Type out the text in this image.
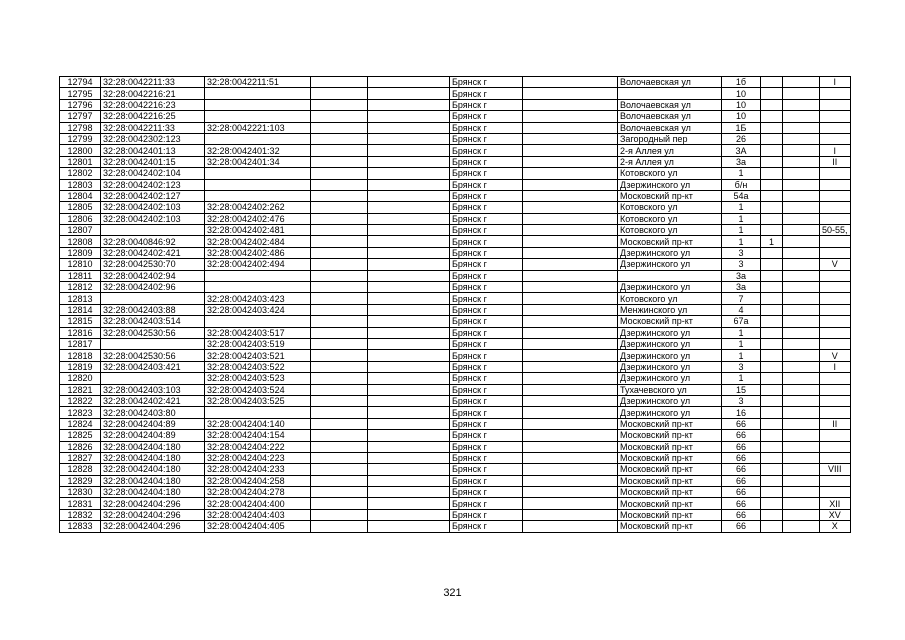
12794	32:28:0042211:33	32:28:0042211:51			Брянск г		Волочаевская ул	1б			I
12795	32:28:0042216:21				Брянск г			10			
12796	32:28:0042216:23				Брянск г		Волочаевская ул	10			
12797	32:28:0042216:25				Брянск г		Волочаевская ул	10			
12798	32:28:0042211:33	32:28:0042221:103			Брянск г		Волочаевская ул	1Б			
12799	32:28:0042302:123				Брянск г		Загородный пер	26			
12800	32:28:0042401:13	32:28:0042401:32			Брянск г		2-я Аллея ул	3А			I
12801	32:28:0042401:15	32:28:0042401:34			Брянск г		2-я Аллея ул	3а			II
12802	32:28:0042402:104				Брянск г		Котовского ул	1			
12803	32:28:0042402:123				Брянск г		Дзержинского ул	б/н			
12804	32:28:0042402:127				Брянск г		Московский пр-кт	54а			
12805	32:28:0042402:103	32:28:0042402:262			Брянск г		Котовского ул	1			
12806	32:28:0042402:103	32:28:0042402:476			Брянск г		Котовского ул	1			
12807		32:28:0042402:481			Брянск г		Котовского ул	1			50-55,
12808	32:28:0040846:92	32:28:0042402:484			Брянск г		Московский пр-кт	1	1		
12809	32:28:0042402:421	32:28:0042402:486			Брянск г		Дзержинского ул	3			
12810	32:28:0042530:70	32:28:0042402:494			Брянск г		Дзержинского ул	3			V
12811	32:28:0042402:94				Брянск г			3а			
12812	32:28:0042402:96				Брянск г		Дзержинского ул	3а			
12813		32:28:0042403:423			Брянск г		Котовского ул	7			
12814	32:28:0042403:88	32:28:0042403:424			Брянск г		Менжинского ул	4			
12815	32:28:0042403:514				Брянск г		Московский пр-кт	67а			
12816	32:28:0042530:56	32:28:0042403:517			Брянск г		Дзержинского ул	1			
12817		32:28:0042403:519			Брянск г		Дзержинского ул	1			
12818	32:28:0042530:56	32:28:0042403:521			Брянск г		Дзержинского ул	1			V
12819	32:28:0042403:421	32:28:0042403:522			Брянск г		Дзержинского ул	3			I
12820		32:28:0042403:523			Брянск г		Дзержинского ул	1			
12821	32:28:0042403:103	32:28:0042403:524			Брянск г		Тухачевского ул	15			
12822	32:28:0042402:421	32:28:0042403:525			Брянск г		Дзержинского ул	3			
12823	32:28:0042403:80				Брянск г		Дзержинского ул	16			
12824	32:28:0042404:89	32:28:0042404:140			Брянск г		Московский пр-кт	66			II
12825	32:28:0042404:89	32:28:0042404:154			Брянск г		Московский пр-кт	66			
12826	32:28:0042404:180	32:28:0042404:222			Брянск г		Московский пр-кт	66			
12827	32:28:0042404:180	32:28:0042404:223			Брянск г		Московский пр-кт	66			
12828	32:28:0042404:180	32:28:0042404:233			Брянск г		Московский пр-кт	66			VIII
12829	32:28:0042404:180	32:28:0042404:258			Брянск г		Московский пр-кт	66			
12830	32:28:0042404:180	32:28:0042404:278			Брянск г		Московский пр-кт	66			
12831	32:28:0042404:296	32:28:0042404:400			Брянск г		Московский пр-кт	66			XII
12832	32:28:0042404:296	32:28:0042404:403			Брянск г		Московский пр-кт	66			XV
12833	32:28:0042404:296	32:28:0042404:405			Брянск г		Московский пр-кт	66			X
321
